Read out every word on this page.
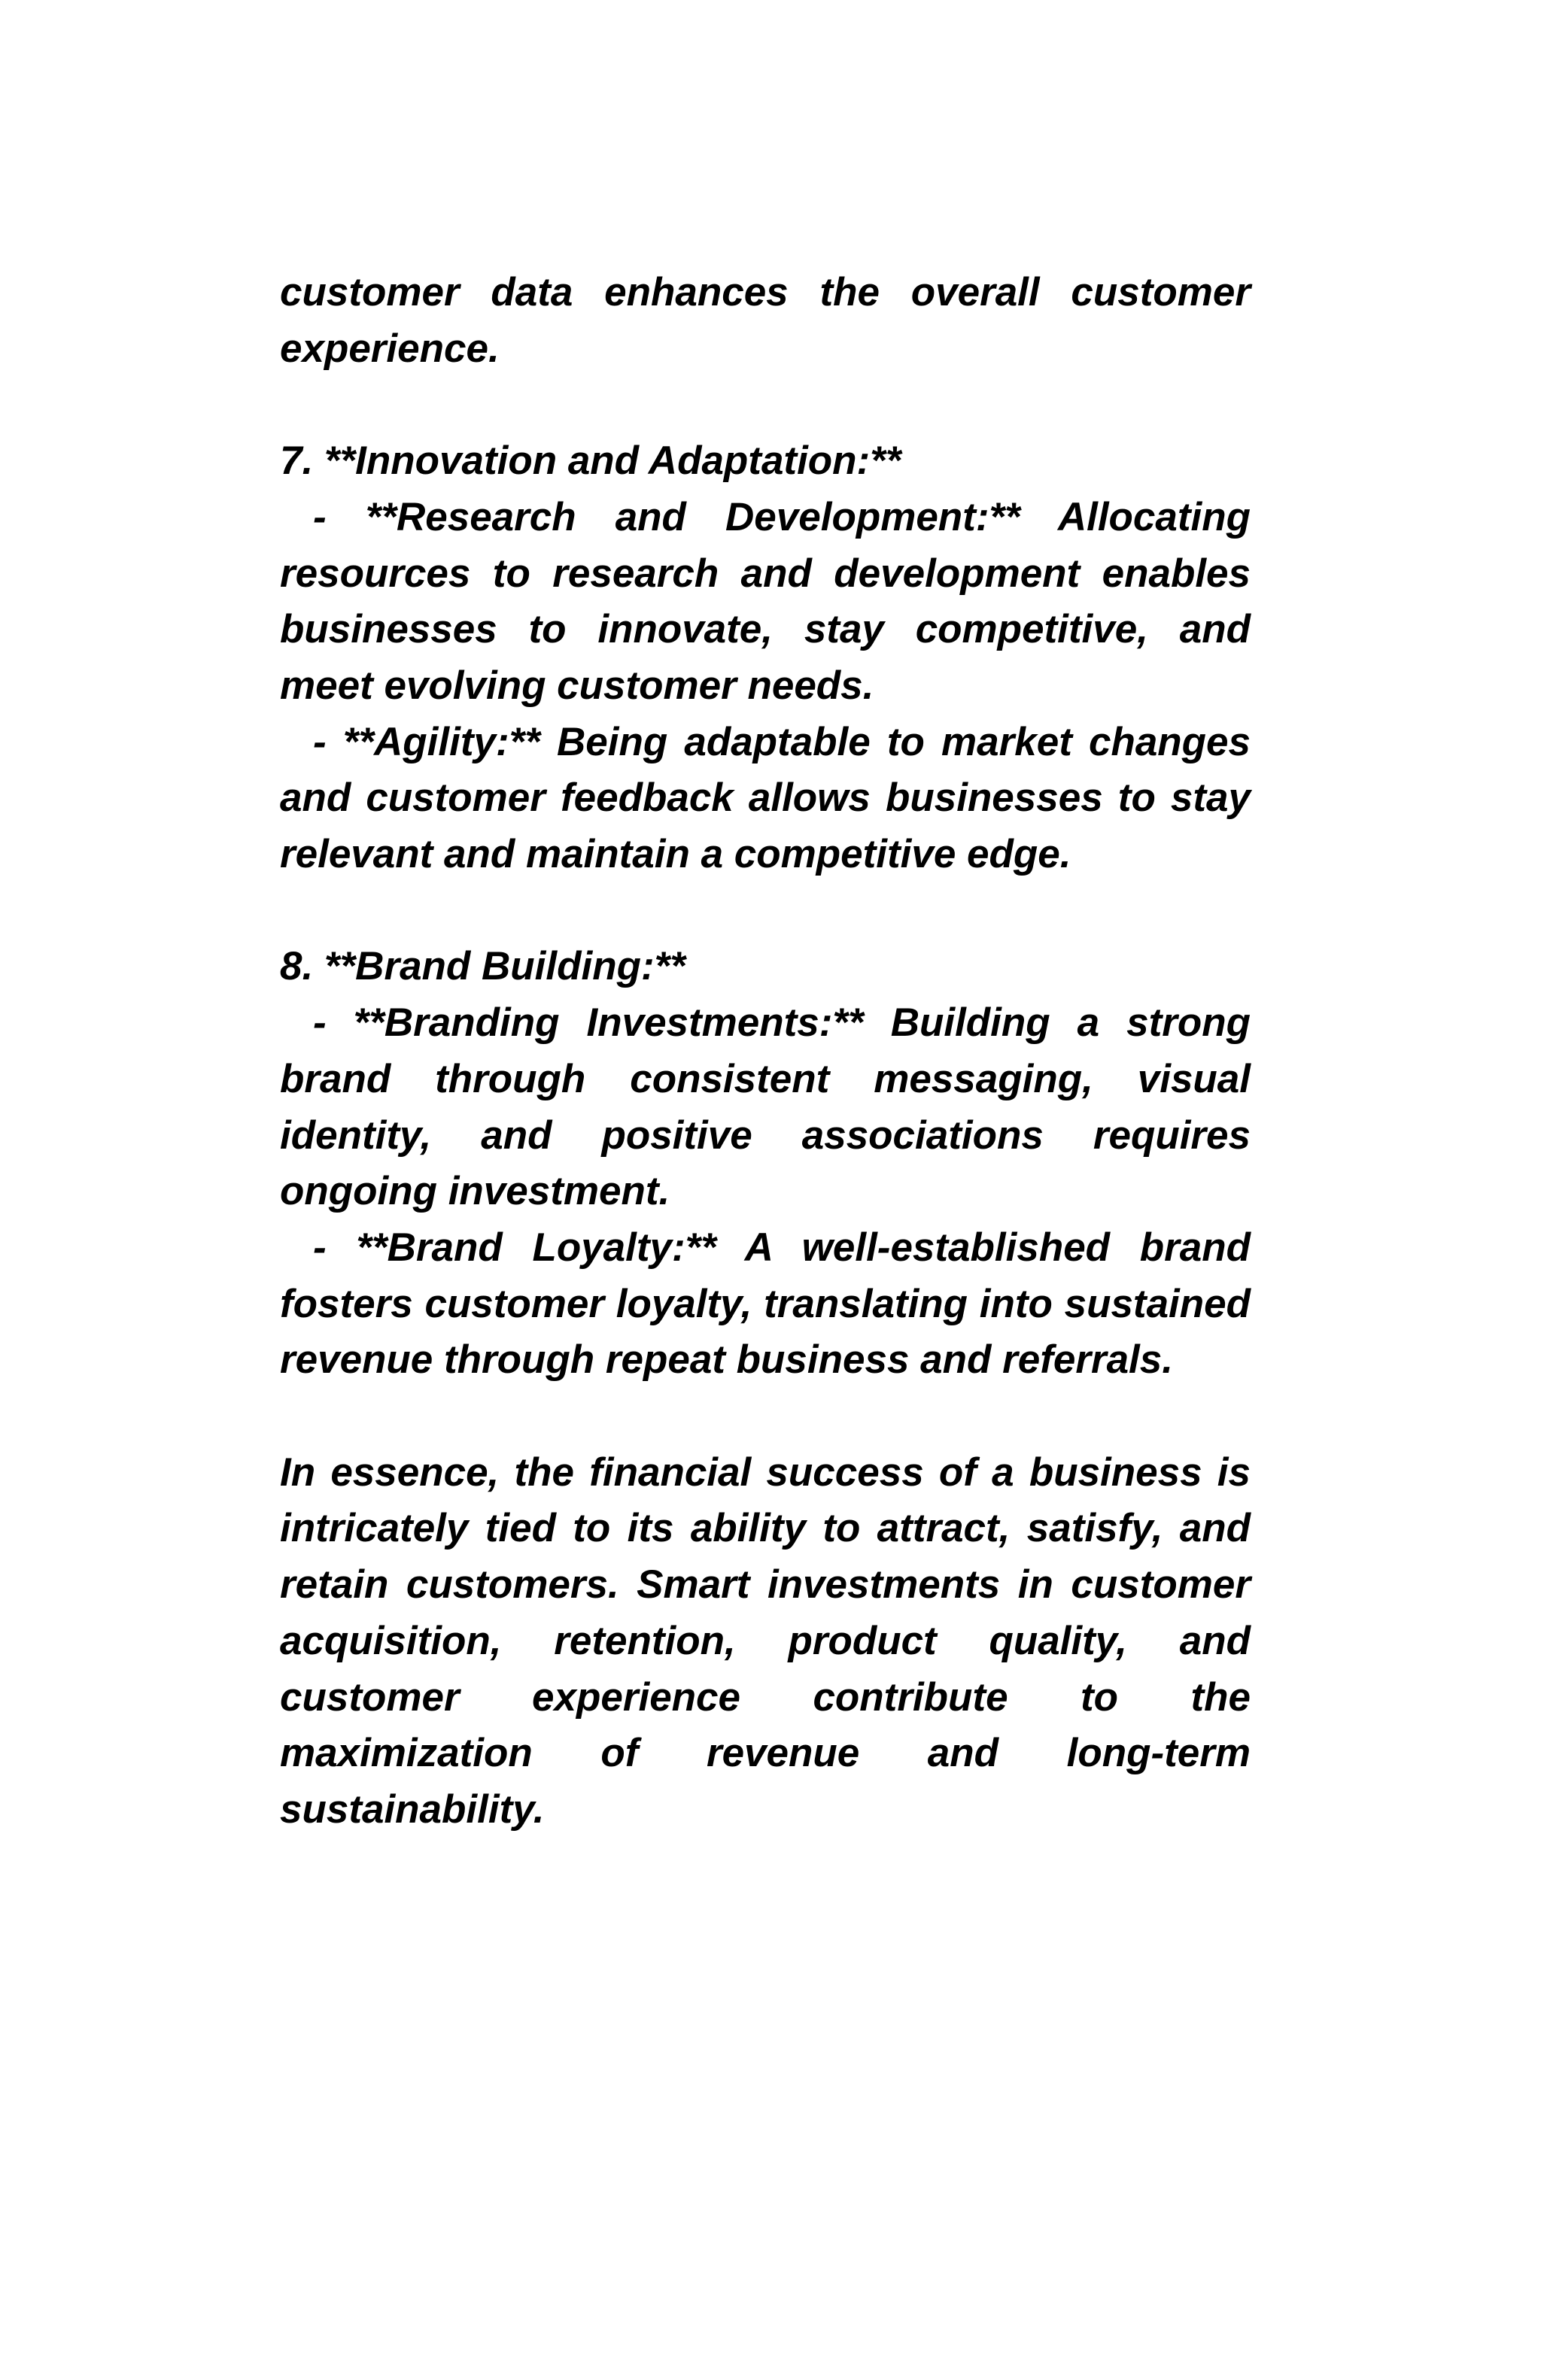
customer data enhances the overall customer experience.

7. **Innovation and Adaptation:**

- **Research and Development:** Allocating resources to research and development enables businesses to innovate, stay competitive, and meet evolving customer needs.

- **Agility:** Being adaptable to market changes and customer feedback allows businesses to stay relevant and maintain a competitive edge.

8. **Brand Building:**

- **Branding Investments:** Building a strong brand through consistent messaging, visual identity, and positive associations requires ongoing investment.

- **Brand Loyalty:** A well-established brand fosters customer loyalty, translating into sustained revenue through repeat business and referrals.

In essence, the financial success of a business is intricately tied to its ability to attract, satisfy, and retain customers. Smart investments in customer acquisition, retention, product quality, and customer experience contribute to the maximization of revenue and long-term sustainability.
